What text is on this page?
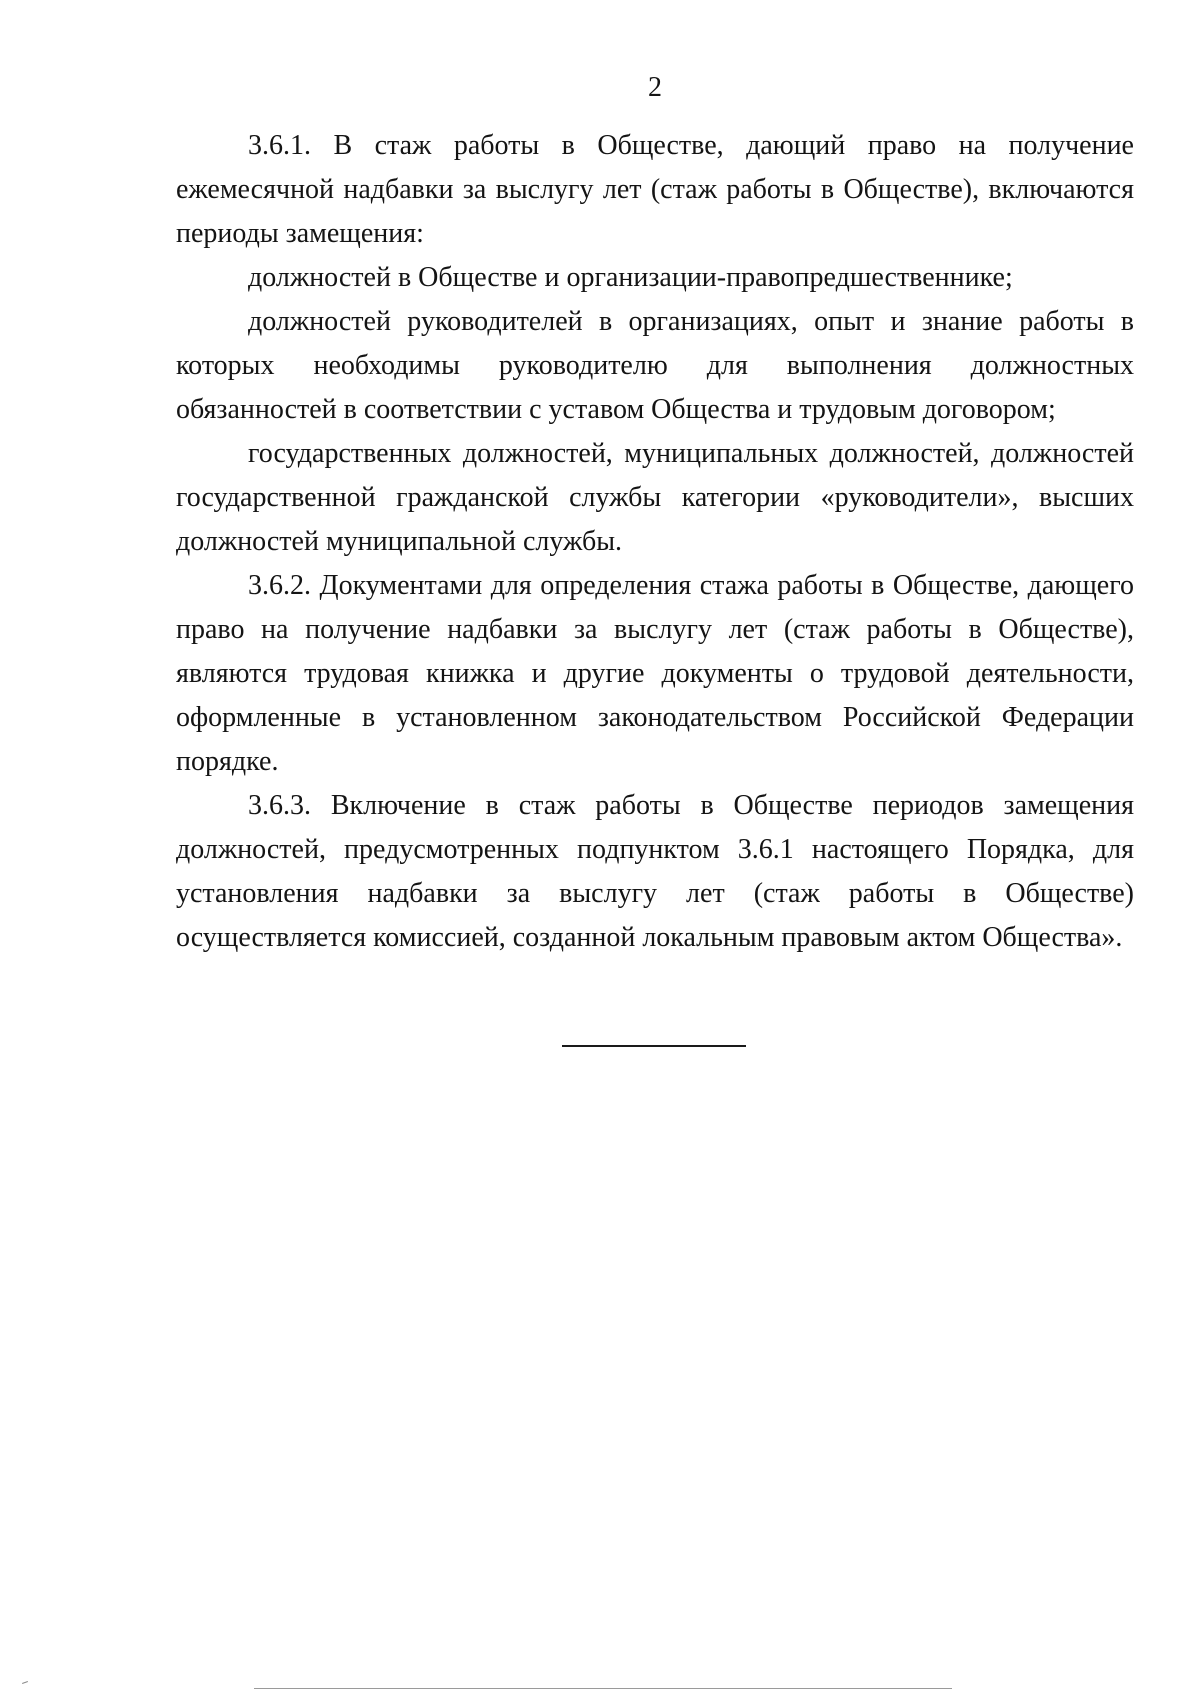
2

3.6.1. В стаж работы в Обществе, дающий право на получение ежемесячной надбавки за выслугу лет (стаж работы в Обществе), включаются периоды замещения:

должностей в Обществе и организации-правопредшественнике;

должностей руководителей в организациях, опыт и знание работы в которых необходимы руководителю для выполнения должностных обязанностей в соответствии с уставом Общества и трудовым договором;

государственных должностей, муниципальных должностей, должностей государственной гражданской службы категории «руководители», высших должностей муниципальной службы.

3.6.2. Документами для определения стажа работы в Обществе, дающего право на получение надбавки за выслугу лет (стаж работы в Обществе), являются трудовая книжка и другие документы о трудовой деятельности, оформленные в установленном законодательством Российской Федерации порядке.

3.6.3. Включение в стаж работы в Обществе периодов замещения должностей, предусмотренных подпунктом 3.6.1 настоящего Порядка, для установления надбавки за выслугу лет (стаж работы в Обществе) осуществляется комиссией, созданной локальным правовым актом Общества».
